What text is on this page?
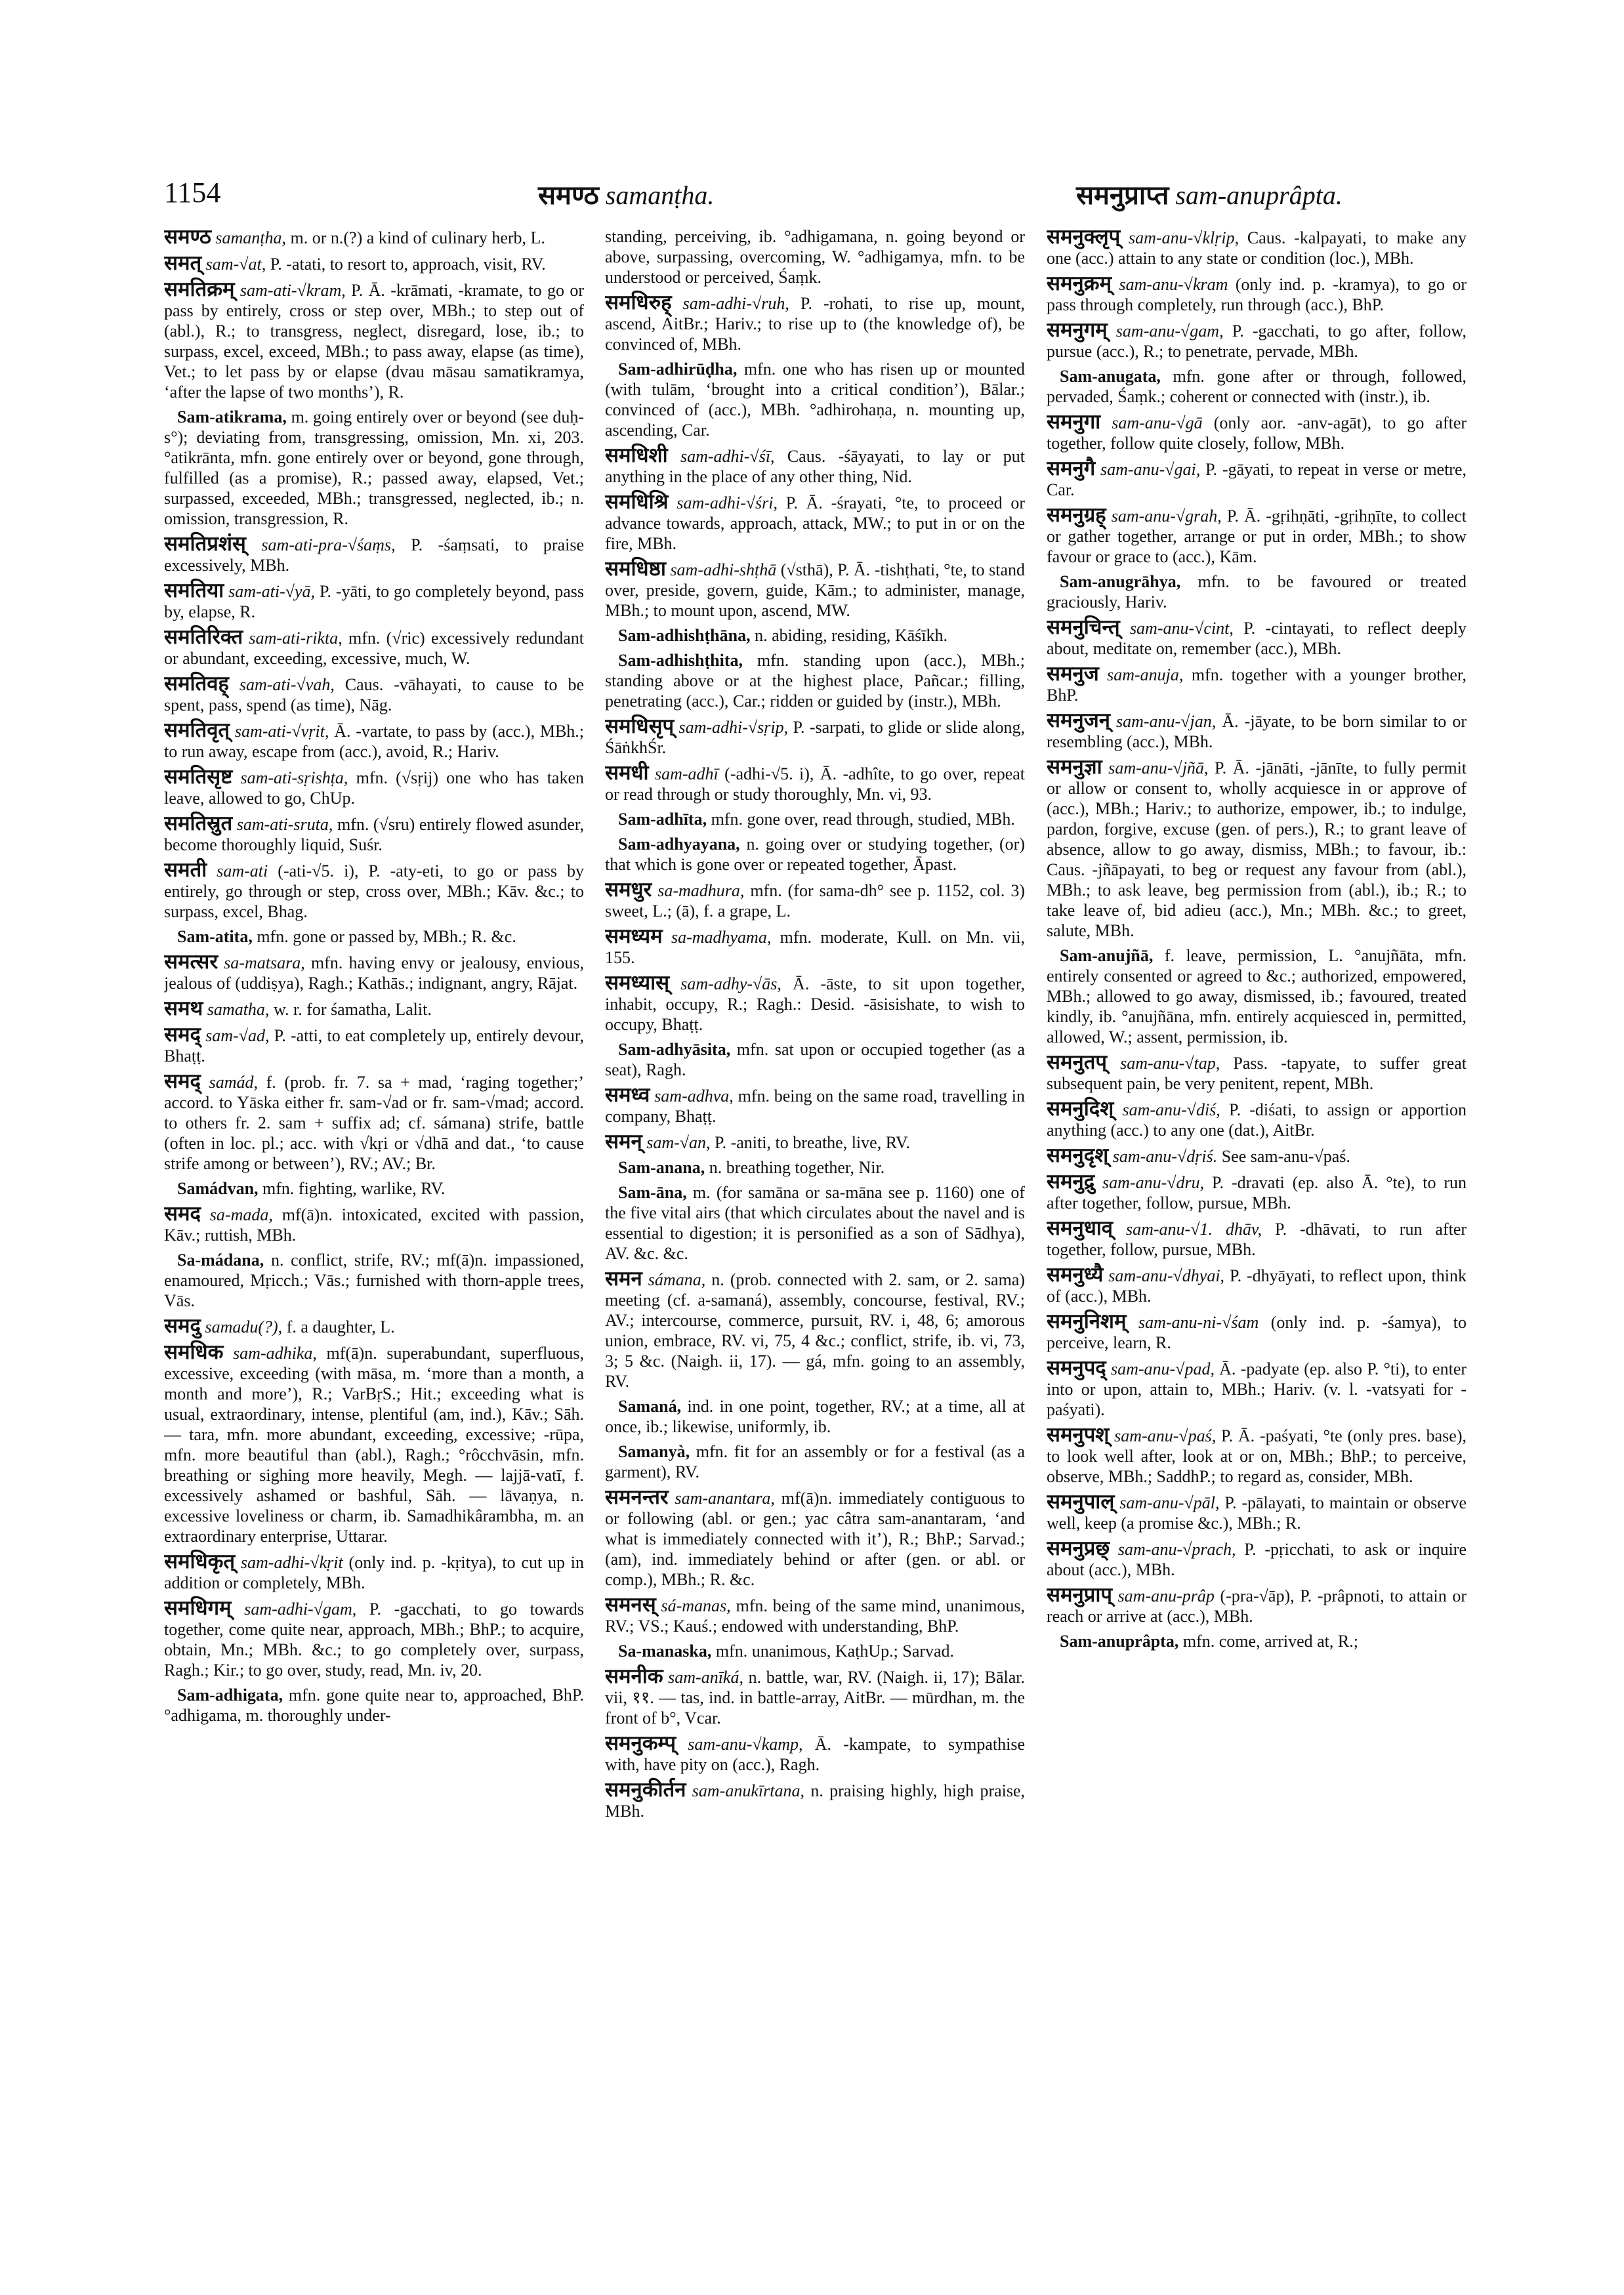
1154	समण्ठ samanṭha.	समनुप्राप्त sam-anuprâpta.

समण्ठ samanṭha, m. or n.(?) a kind of culinary herb, L.

समत् sam-√at, P. -atati, to resort to, approach, visit, RV.

समतिक्रम् sam-ati-√kram, P. Ā. -krāmati, -kramate, to go or pass by entirely, cross or step over, MBh.; to step out of (abl.), R.; to transgress, neglect, disregard, lose, ib.; to surpass, excel, exceed, MBh.; to pass away, elapse (as time), Vet.; to let pass by or elapse (dvau māsau samatikramya, ‘after the lapse of two months’), R.

Sam-atikrama, m. going entirely over or beyond (see duḥ-s°); deviating from, transgressing, omission, Mn. xi, 203. °atikrānta, mfn. gone entirely over or beyond, gone through, fulfilled (as a promise), R.; passed away, elapsed, Vet.; surpassed, exceeded, MBh.; transgressed, neglected, ib.; n. omission, transgression, R.

समतिप्रशंस् sam-ati-pra-√śaṃs, P. -śaṃsati, to praise excessively, MBh.

समतिया sam-ati-√yā, P. -yāti, to go completely beyond, pass by, elapse, R.

समतिरिक्त sam-ati-rikta, mfn. (√ric) excessively redundant or abundant, exceeding, excessive, much, W.

समतिवह् sam-ati-√vah, Caus. -vāhayati, to cause to be spent, pass, spend (as time), Nāg.

समतिवृत् sam-ati-√vṛit, Ā. -vartate, to pass by (acc.), MBh.; to run away, escape from (acc.), avoid, R.; Hariv.

समतिसृष्ट sam-ati-sṛishṭa, mfn. (√sṛij) one who has taken leave, allowed to go, ChUp.

समतिस्रुत sam-ati-sruta, mfn. (√sru) entirely flowed asunder, become thoroughly liquid, Suśr.

समती sam-ati (-ati-√5. i), P. -aty-eti, to go or pass by entirely, go through or step, cross over, MBh.; Kāv. &c.; to surpass, excel, Bhag.

Sam-atita, mfn. gone or passed by, MBh.; R. &c.

समत्सर sa-matsara, mfn. having envy or jealousy, envious, jealous of (uddiṣya), Ragh.; Kathās.; indignant, angry, Rājat.

समथ samatha, w. r. for śamatha, Lalit.

समद् sam-√ad, P. -atti, to eat completely up, entirely devour, Bhaṭṭ.

समद् samád, f. (prob. fr. 7. sa + mad, ‘raging together;’ accord. to Yāska either fr. sam-√ad or fr. sam-√mad; accord. to others fr. 2. sam + suffix ad; cf. sámana) strife, battle (often in loc. pl.; acc. with √kṛi or √dhā and dat., ‘to cause strife among or between’), RV.; AV.; Br.

Samádvan, mfn. fighting, warlike, RV.

समद sa-mada, mf(ā)n. intoxicated, excited with passion, Kāv.; ruttish, MBh.

Sa-mádana, n. conflict, strife, RV.; mf(ā)n. impassioned, enamoured, Mṛicch.; Vās.; furnished with thorn-apple trees, Vās.

समदु samadu(?), f. a daughter, L.

समधिक sam-adhika, mf(ā)n. superabundant, superfluous, excessive, exceeding (with māsa, m. ‘more than a month, a month and more’), R.; VarBṛS.; Hit.; exceeding what is usual, extraordinary, intense, plentiful (am, ind.), Kāv.; Sāh. — tara, mfn. more abundant, exceeding, excessive; -rūpa, mfn. more beautiful than (abl.), Ragh.; °rôcchvāsin, mfn. breathing or sighing more heavily, Megh. — lajjā-vatī, f. excessively ashamed or bashful, Sāh. — lāvaṇya, n. excessive loveliness or charm, ib. Samadhikârambha, m. an extraordinary enterprise, Uttarar.

समधिकृत् sam-adhi-√kṛit (only ind. p. -kṛitya), to cut up in addition or completely, MBh.

समधिगम् sam-adhi-√gam, P. -gacchati, to go towards together, come quite near, approach, MBh.; BhP.; to acquire, obtain, Mn.; MBh. &c.; to go completely over, surpass, Ragh.; Kir.; to go over, study, read, Mn. iv, 20.

Sam-adhigata, mfn. gone quite near to, approached, BhP. °adhigama, m. thoroughly under-

standing, perceiving, ib. °adhigamana, n. going beyond or above, surpassing, overcoming, W. °adhigamya, mfn. to be understood or perceived, Śaṃk.

समधिरुह् sam-adhi-√ruh, P. -rohati, to rise up, mount, ascend, AitBr.; Hariv.; to rise up to (the knowledge of), be convinced of, MBh.

Sam-adhirūḍha, mfn. one who has risen up or mounted (with tulām, ‘brought into a critical condition’), Bālar.; convinced of (acc.), MBh. °adhirohaṇa, n. mounting up, ascending, Car.

समधिशी sam-adhi-√śī, Caus. -śāyayati, to lay or put anything in the place of any other thing, Nid.

समधिश्रि sam-adhi-√śri, P. Ā. -śrayati, °te, to proceed or advance towards, approach, attack, MW.; to put in or on the fire, MBh.

समधिष्ठा sam-adhi-shṭhā (√sthā), P. Ā. -tishṭhati, °te, to stand over, preside, govern, guide, Kām.; to administer, manage, MBh.; to mount upon, ascend, MW.

Sam-adhishṭhāna, n. abiding, residing, Kāśīkh.

Sam-adhishṭhita, mfn. standing upon (acc.), MBh.; standing above or at the highest place, Pañcar.; filling, penetrating (acc.), Car.; ridden or guided by (instr.), MBh.

समधिसृप् sam-adhi-√sṛip, P. -sarpati, to glide or slide along, ŚāṅkhŚr.

समधी sam-adhī (-adhi-√5. i), Ā. -adhîte, to go over, repeat or read through or study thoroughly, Mn. vi, 93.

Sam-adhīta, mfn. gone over, read through, studied, MBh.

Sam-adhyayana, n. going over or studying together, (or) that which is gone over or repeated together, Āpast.

समधुर sa-madhura, mfn. (for sama-dh° see p. 1152, col. 3) sweet, L.; (ā), f. a grape, L.

समध्यम sa-madhyama, mfn. moderate, Kull. on Mn. vii, 155.

समध्यास् sam-adhy-√ās, Ā. -āste, to sit upon together, inhabit, occupy, R.; Ragh.: Desid. -āsisishate, to wish to occupy, Bhaṭṭ.

Sam-adhyāsita, mfn. sat upon or occupied together (as a seat), Ragh.

समध्व sam-adhva, mfn. being on the same road, travelling in company, Bhaṭṭ.

समन् sam-√an, P. -aniti, to breathe, live, RV.

Sam-anana, n. breathing together, Nir.

Sam-āna, m. (for samāna or sa-māna see p. 1160) one of the five vital airs (that which circulates about the navel and is essential to digestion; it is personified as a son of Sādhya), AV. &c. &c.

समन sámana, n. (prob. connected with 2. sam, or 2. sama) meeting (cf. a-samaná), assembly, concourse, festival, RV.; AV.; intercourse, commerce, pursuit, RV. i, 48, 6; amorous union, embrace, RV. vi, 75, 4 &c.; conflict, strife, ib. vi, 73, 3; 5 &c. (Naigh. ii, 17). — gá, mfn. going to an assembly, RV.

Samaná, ind. in one point, together, RV.; at a time, all at once, ib.; likewise, uniformly, ib.

Samanyà, mfn. fit for an assembly or for a festival (as a garment), RV.

समनन्तर sam-anantara, mf(ā)n. immediately contiguous to or following (abl. or gen.; yac câtra sam-anantaram, ‘and what is immediately connected with it’), R.; BhP.; Sarvad.; (am), ind. immediately behind or after (gen. or abl. or comp.), MBh.; R. &c.

समनस् sá-manas, mfn. being of the same mind, unanimous, RV.; VS.; Kauś.; endowed with understanding, BhP.

Sa-manaska, mfn. unanimous, KaṭhUp.; Sarvad.

समनीक sam-anīká, n. battle, war, RV. (Naigh. ii, 17); Bālar. vii, ११. — tas, ind. in battle-array, AitBr. — mūrdhan, m. the front of b°, Vcar.

समनुकम्प् sam-anu-√kamp, Ā. -kampate, to sympathise with, have pity on (acc.), Ragh.

समनुकीर्तन sam-anukīrtana, n. praising highly, high praise, MBh.

समनुक्लृप् sam-anu-√klṛip, Caus. -kalpayati, to make any one (acc.) attain to any state or condition (loc.), MBh.

समनुक्रम् sam-anu-√kram (only ind. p. -kramya), to go or pass through completely, run through (acc.), BhP.

समनुगम् sam-anu-√gam, P. -gacchati, to go after, follow, pursue (acc.), R.; to penetrate, pervade, MBh.

Sam-anugata, mfn. gone after or through, followed, pervaded, Śaṃk.; coherent or connected with (instr.), ib.

समनुगा sam-anu-√gā (only aor. -anv-agāt), to go after together, follow quite closely, follow, MBh.

समनुगै sam-anu-√gai, P. -gāyati, to repeat in verse or metre, Car.

समनुग्रह् sam-anu-√grah, P. Ā. -gṛihṇāti, -gṛihṇīte, to collect or gather together, arrange or put in order, MBh.; to show favour or grace to (acc.), Kām.

Sam-anugrāhya, mfn. to be favoured or treated graciously, Hariv.

समनुचिन्त् sam-anu-√cint, P. -cintayati, to reflect deeply about, meditate on, remember (acc.), MBh.

समनुज sam-anuja, mfn. together with a younger brother, BhP.

समनुजन् sam-anu-√jan, Ā. -jāyate, to be born similar to or resembling (acc.), MBh.

समनुज्ञा sam-anu-√jñā, P. Ā. -jānāti, -jānīte, to fully permit or allow or consent to, wholly acquiesce in or approve of (acc.), MBh.; Hariv.; to authorize, empower, ib.; to indulge, pardon, forgive, excuse (gen. of pers.), R.; to grant leave of absence, allow to go away, dismiss, MBh.; to favour, ib.: Caus. -jñāpayati, to beg or request any favour from (abl.), MBh.; to ask leave, beg permission from (abl.), ib.; R.; to take leave of, bid adieu (acc.), Mn.; MBh. &c.; to greet, salute, MBh.

Sam-anujñā, f. leave, permission, L. °anujñāta, mfn. entirely consented or agreed to &c.; authorized, empowered, MBh.; allowed to go away, dismissed, ib.; favoured, treated kindly, ib. °anujñāna, mfn. entirely acquiesced in, permitted, allowed, W.; assent, permission, ib.

समनुतप् sam-anu-√tap, Pass. -tapyate, to suffer great subsequent pain, be very penitent, repent, MBh.

समनुदिश् sam-anu-√diś, P. -diśati, to assign or apportion anything (acc.) to any one (dat.), AitBr.

समनुदृश् sam-anu-√dṛiś. See sam-anu-√paś.

समनुद्रु sam-anu-√dru, P. -dravati (ep. also Ā. °te), to run after together, follow, pursue, MBh.

समनुधाव् sam-anu-√1. dhāv, P. -dhāvati, to run after together, follow, pursue, MBh.

समनुध्यै sam-anu-√dhyai, P. -dhyāyati, to reflect upon, think of (acc.), MBh.

समनुनिशम् sam-anu-ni-√śam (only ind. p. -śamya), to perceive, learn, R.

समनुपद् sam-anu-√pad, Ā. -padyate (ep. also P. °ti), to enter into or upon, attain to, MBh.; Hariv. (v. l. -vatsyati for -paśyati).

समनुपश् sam-anu-√paś, P. Ā. -paśyati, °te (only pres. base), to look well after, look at or on, MBh.; BhP.; to perceive, observe, MBh.; SaddhP.; to regard as, consider, MBh.

समनुपाल् sam-anu-√pāl, P. -pālayati, to maintain or observe well, keep (a promise &c.), MBh.; R.

समनुप्रछ् sam-anu-√prach, P. -pṛicchati, to ask or inquire about (acc.), MBh.

समनुप्राप् sam-anu-prâp (-pra-√āp), P. -prâpnoti, to attain or reach or arrive at (acc.), MBh.

Sam-anuprâpta, mfn. come, arrived at, R.;
